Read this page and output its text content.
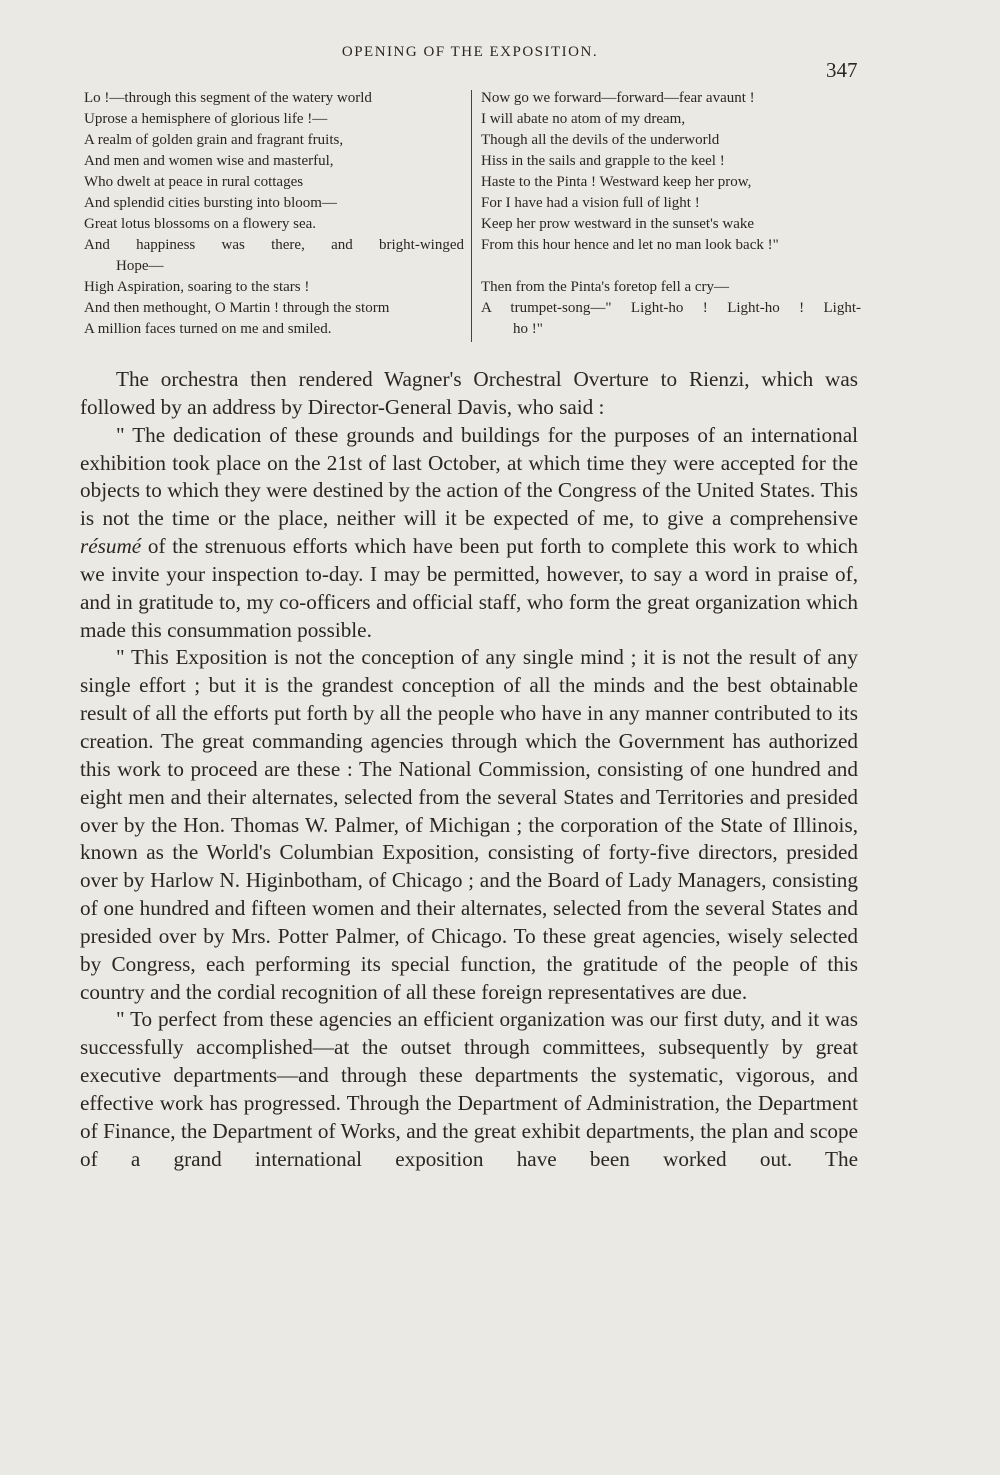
OPENING OF THE EXPOSITION.
347
Lo !—through this segment of the watery world
Uprose a hemisphere of glorious life !—
A realm of golden grain and fragrant fruits,
And men and women wise and masterful,
Who dwelt at peace in rural cottages
And splendid cities bursting into bloom—
Great lotus blossoms on a flowery sea.
And happiness was there, and bright-winged
Hope—
High Aspiration, soaring to the stars !
And then methought, O Martin ! through the storm
A million faces turned on me and smiled.
Now go we forward—forward—fear avaunt !
I will abate no atom of my dream,
Though all the devils of the underworld
Hiss in the sails and grapple to the keel !
Haste to the Pinta ! Westward keep her prow,
For I have had a vision full of light !
Keep her prow westward in the sunset's wake
From this hour hence and let no man look back !"
Then from the Pinta's foretop fell a cry—
A trumpet-song—" Light-ho ! Light-ho ! Light-
ho !"

The orchestra then rendered Wagner's Orchestral Overture to Rienzi, which was followed by an address by Director-General Davis, who said :

" The dedication of these grounds and buildings for the purposes of an international exhibition took place on the 21st of last October, at which time they were accepted for the objects to which they were destined by the action of the Congress of the United States. This is not the time or the place, neither will it be expected of me, to give a comprehensive résumé of the strenuous efforts which have been put forth to complete this work to which we invite your inspection to-day. I may be permitted, however, to say a word in praise of, and in gratitude to, my co-officers and official staff, who form the great organization which made this consummation possible.

" This Exposition is not the conception of any single mind ; it is not the result of any single effort ; but it is the grandest conception of all the minds and the best obtainable result of all the efforts put forth by all the people who have in any manner contributed to its creation. The great commanding agencies through which the Government has authorized this work to proceed are these : The National Commission, consisting of one hundred and eight men and their alternates, selected from the several States and Territories and presided over by the Hon. Thomas W. Palmer, of Michigan ; the corporation of the State of Illinois, known as the World's Columbian Exposition, consisting of forty-five directors, presided over by Harlow N. Higinbotham, of Chicago ; and the Board of Lady Managers, consisting of one hundred and fifteen women and their alternates, selected from the several States and presided over by Mrs. Potter Palmer, of Chicago. To these great agencies, wisely selected by Congress, each performing its special function, the gratitude of the people of this country and the cordial recognition of all these foreign representatives are due.

" To perfect from these agencies an efficient organization was our first duty, and it was successfully accomplished—at the outset through committees, subsequently by great executive departments—and through these departments the systematic, vigorous, and effective work has progressed. Through the Department of Administration, the Department of Finance, the Department of Works, and the great exhibit departments, the plan and scope of a grand international exposition have been worked out. The
